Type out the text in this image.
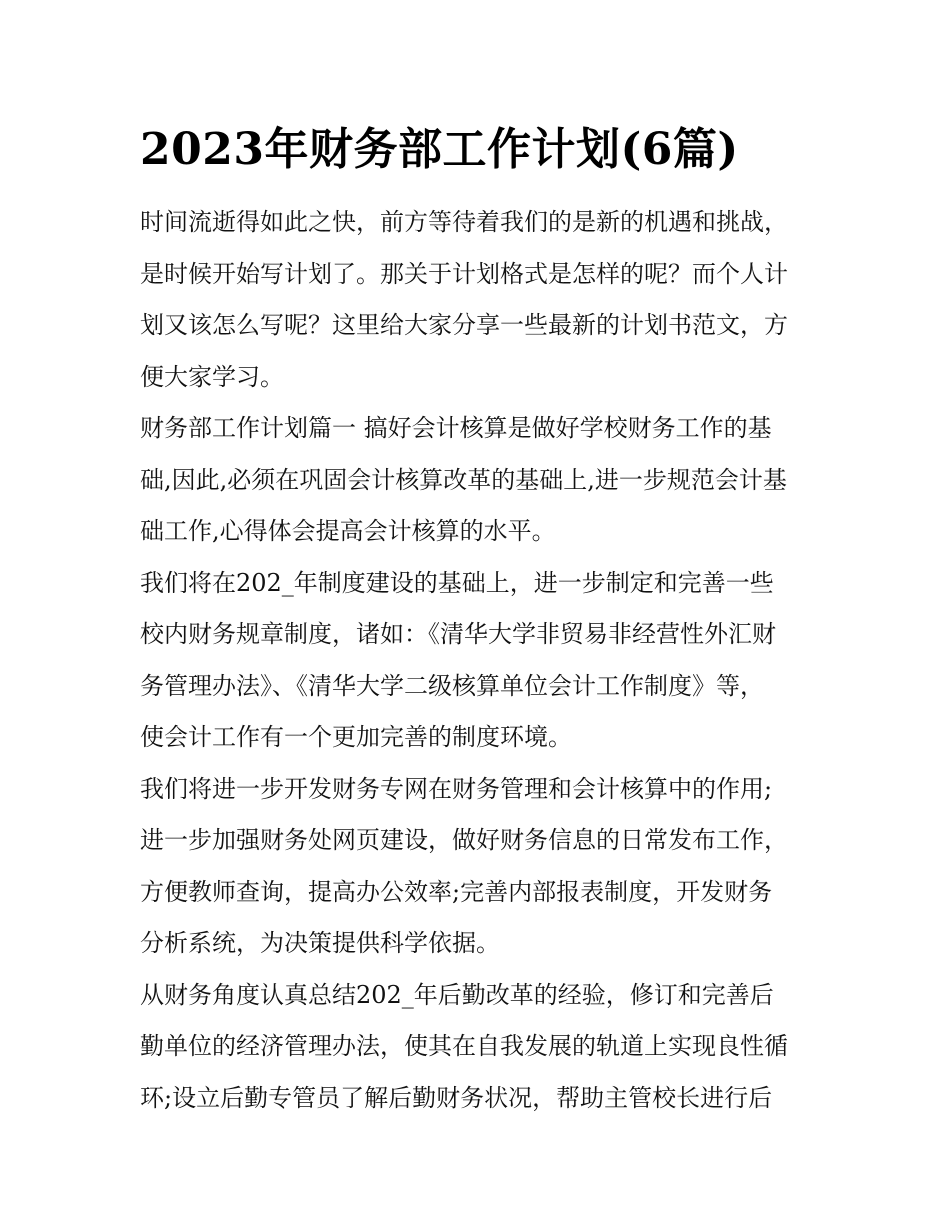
2023年财务部工作计划(6篇)

时间流逝得如此之快，前方等待着我们的是新的机遇和挑战，
是时候开始写计划了。那关于计划格式是怎样的呢？而个人计
划又该怎么写呢？这里给大家分享一些最新的计划书范文，方
便大家学习。

财务部工作计划篇一 搞好会计核算是做好学校财务工作的基
础,因此,必须在巩固会计核算改革的基础上,进一步规范会计基
础工作,心得体会提高会计核算的水平。

我们将在202_年制度建设的基础上，进一步制定和完善一些
校内财务规章制度，诸如：《清华大学非贸易非经营性外汇财
务管理办法》、《清华大学二级核算单位会计工作制度》等，
使会计工作有一个更加完善的制度环境。

我们将进一步开发财务专网在财务管理和会计核算中的作用;
进一步加强财务处网页建设，做好财务信息的日常发布工作，
方便教师查询，提高办公效率;完善内部报表制度，开发财务
分析系统，为决策提供科学依据。

从财务角度认真总结202_年后勤改革的经验，修订和完善后
勤单位的经济管理办法，使其在自我发展的轨道上实现良性循
环;设立后勤专管员了解后勤财务状况，帮助主管校长进行后
